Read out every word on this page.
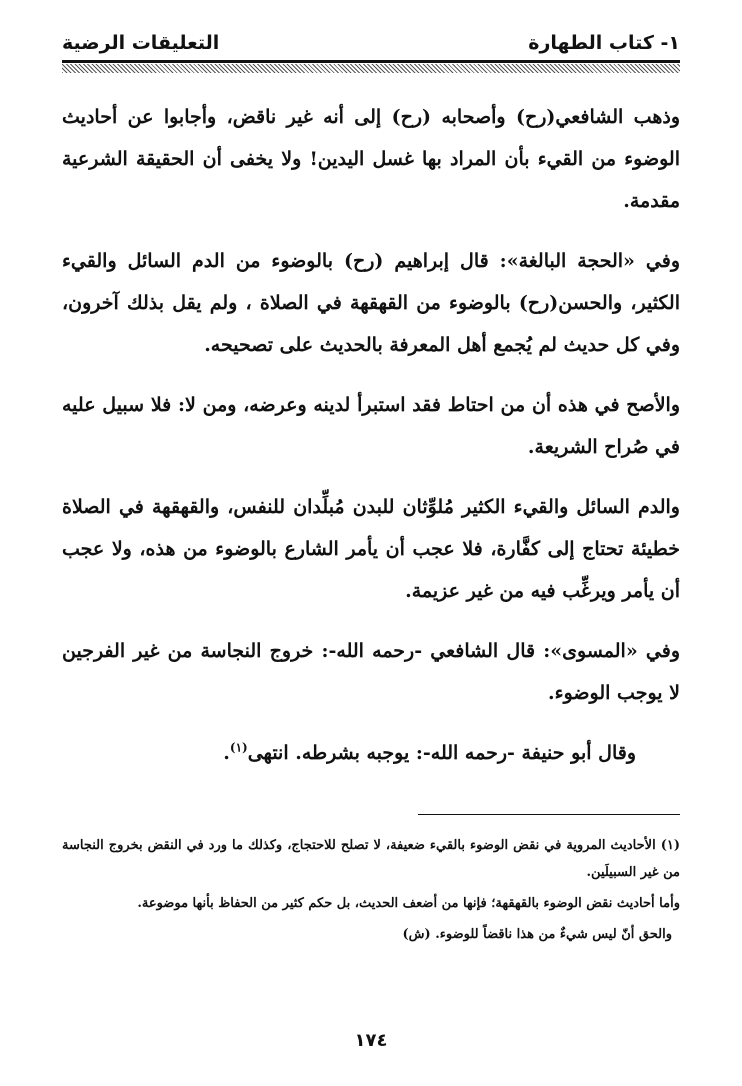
١- كتاب الطهارة
التعليقات الرضية

وذهب الشافعي(رح) وأصحابه (رح) إلى أنه غير ناقض، وأجابوا عن أحاديث الوضوء من القيء بأن المراد بها غسل اليدين! ولا يخفى أن الحقيقة الشرعية مقدمة.

وفي «الحجة البالغة»: قال إبراهيم (رح) بالوضوء من الدم السائل والقيء الكثير، والحسن(رح) بالوضوء من القهقهة في الصلاة ، ولم يقل بذلك آخرون، وفي كل حديث لم يُجمع أهل المعرفة بالحديث على تصحيحه.

والأصح في هذه أن من احتاط فقد استبرأ لدينه وعرضه، ومن لا: فلا سبيل عليه في صُراح الشريعة.

والدم السائل والقيء الكثير مُلوِّثان للبدن مُبلِّدان للنفس، والقهقهة في الصلاة خطيئة تحتاج إلى كفَّارة، فلا عجب أن يأمر الشارع بالوضوء من هذه، ولا عجب أن يأمر ويرغِّب فيه من غير عزيمة.

وفي «المسوى»: قال الشافعي -رحمه الله-: خروج النجاسة من غير الفرجين لا يوجب الوضوء.

وقال أبو حنيفة -رحمه الله-: يوجبه بشرطه. انتهى$^{(١)}$.

(١) الأحاديث المروية في نقض الوضوء بالقيء ضعيفة، لا تصلح للاحتجاج، وكذلك ما ورد في النقض بخروج النجاسة من غير السبيلَين.

وأما أحاديث نقض الوضوء بالقهقهة؛ فإنها من أضعف الحديث، بل حكم كثير من الحفاظ بأنها موضوعة.

والحق أنّ ليس شيءٌ من هذا ناقضاً للوضوء. (ش)

١٧٤
